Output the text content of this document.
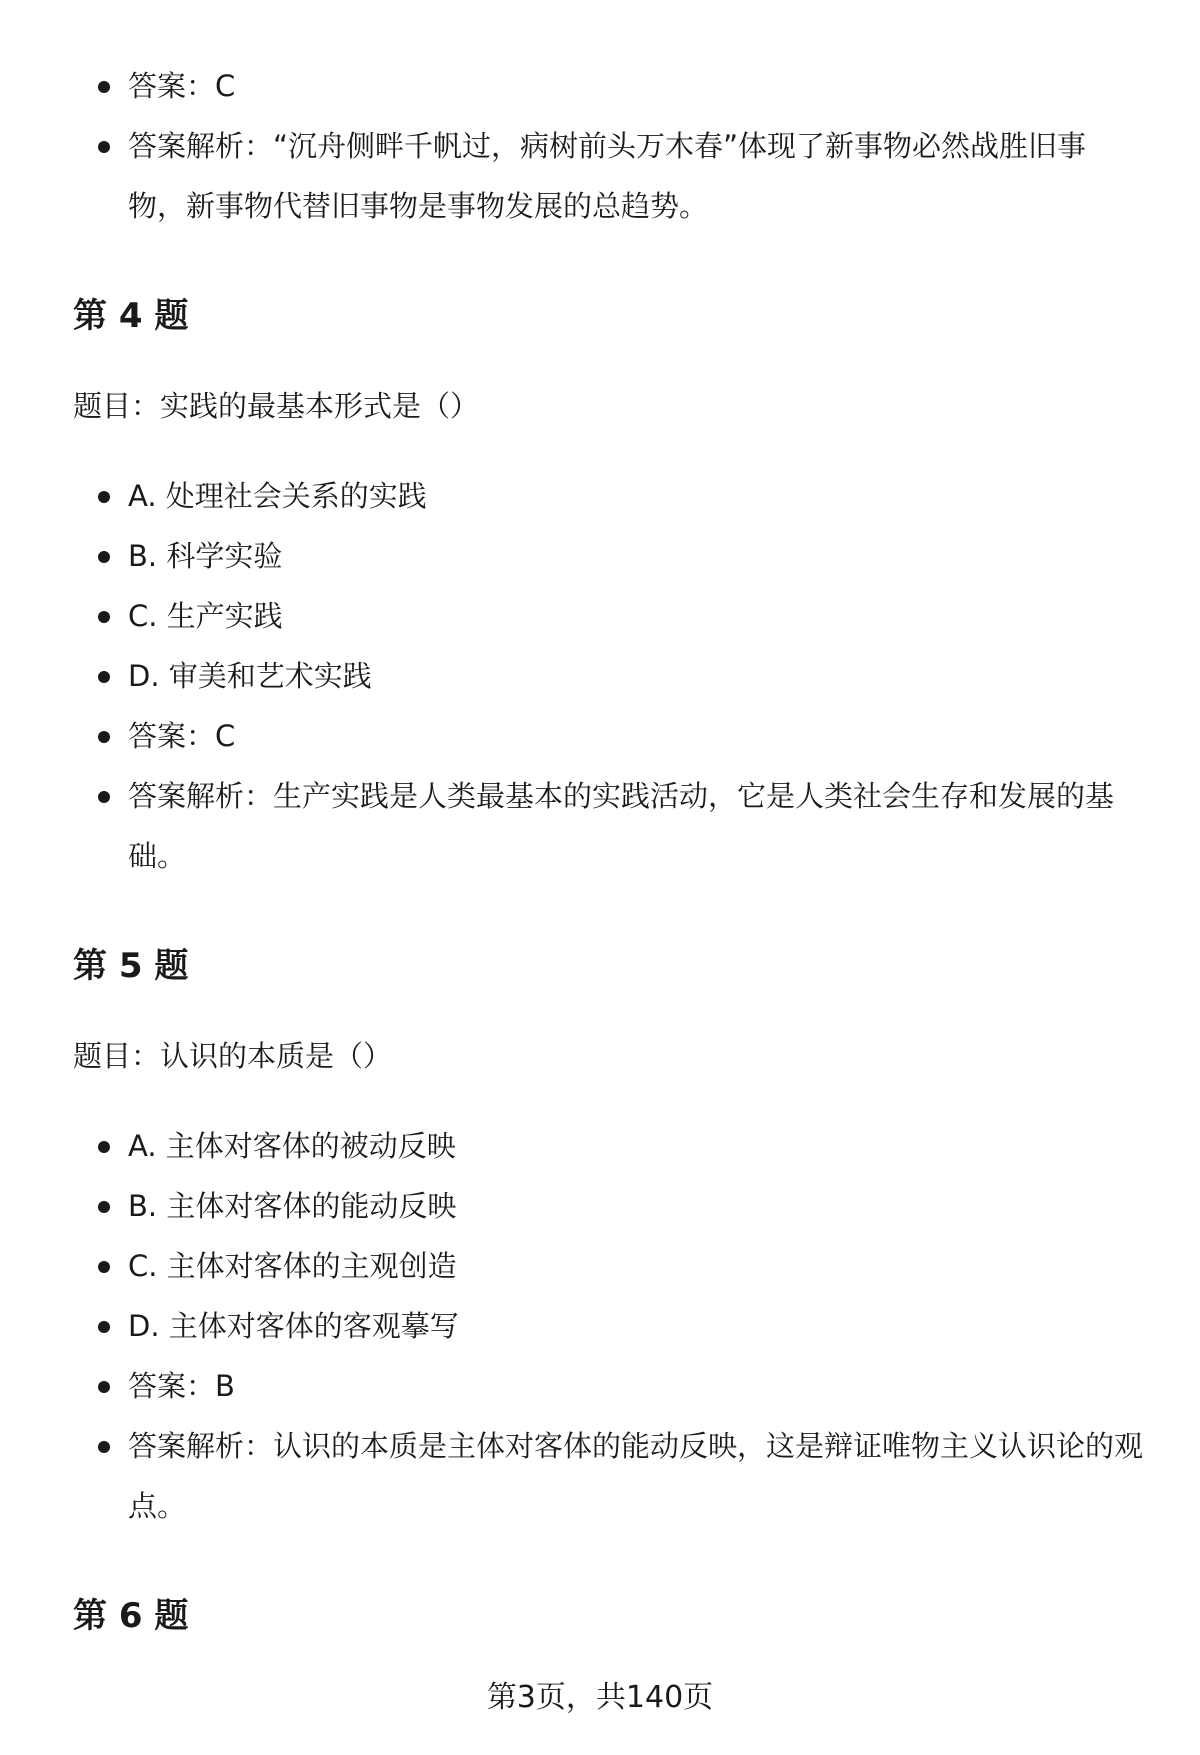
答案：C
答案解析：“沉舟侧畔千帆过，病树前头万木春”体现了新事物必然战胜旧事物，新事物代替旧事物是事物发展的总趋势。
第 4 题

题目：实践的最基本形式是（）

A. 处理社会关系的实践
B. 科学实验
C. 生产实践
D. 审美和艺术实践
答案：C
答案解析：生产实践是人类最基本的实践活动，它是人类社会生存和发展的基础。
第 5 题

题目：认识的本质是（）

A. 主体对客体的被动反映
B. 主体对客体的能动反映
C. 主体对客体的主观创造
D. 主体对客体的客观摹写
答案：B
答案解析：认识的本质是主体对客体的能动反映，这是辩证唯物主义认识论的观点。
第 6 题
第3页，共140页
